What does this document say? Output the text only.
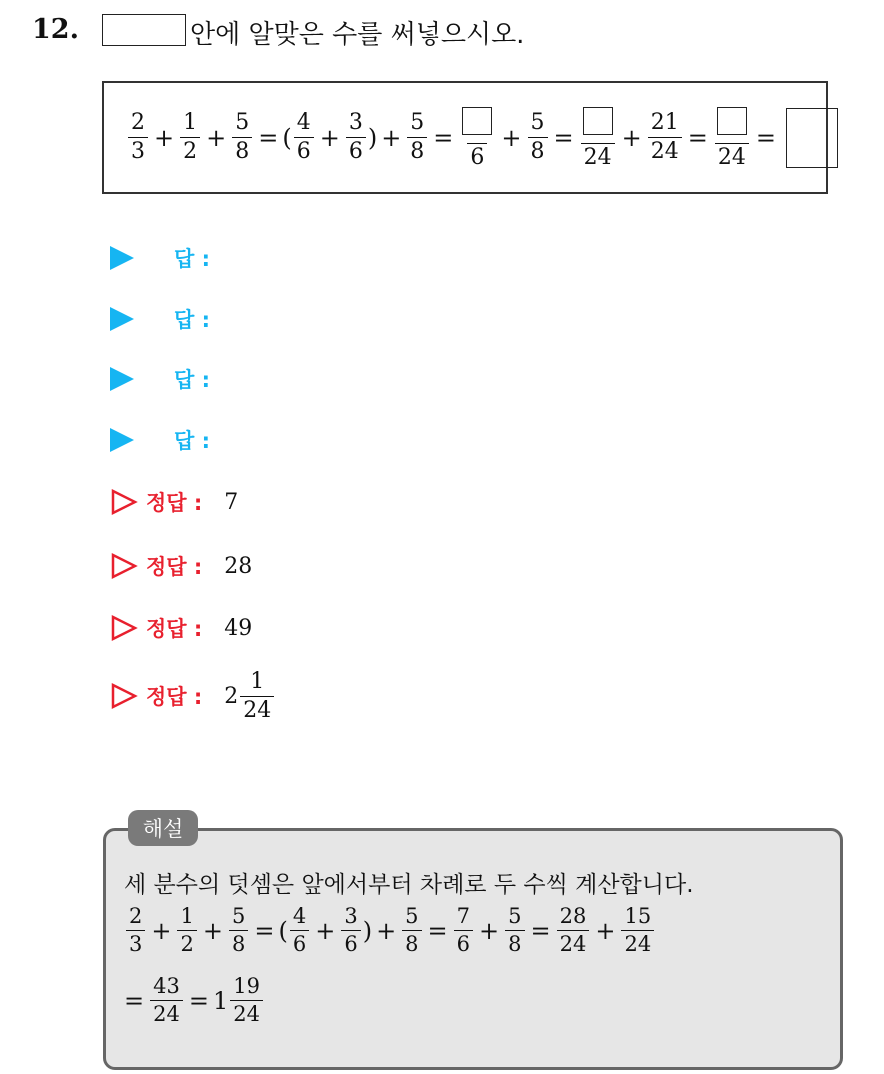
12.	안에 알맞은 수를 써넣으시오.
$\frac{2}{3} + \frac{1}{2} + \frac{5}{8}$ = ( $\frac{4}{6} + \frac{3}{6}$ ) + $\frac{5}{8}$ =
6
+ $\frac{5}{8}$ =
24
+ $\frac{21}{24}$ =
24
=
답 :
답 :
답 :
답 :
정답 : 7
정답 : 28
정답 : 49
정답 : $2 \frac{1}{24}$
해설
세 분수의 덧셈은 앞에서부터 차례로 두 수씩 계산합니다.
$\frac{2}{3} + \frac{1}{2} + \frac{5}{8}$ = ( $\frac{4}{6} + \frac{3}{6}$ ) + $\frac{5}{8} = \frac{7}{6} + \frac{5}{8} = \frac{28}{24} + \frac{15}{24}$
= $\frac{43}{24} = 1 \frac{19}{24}$
